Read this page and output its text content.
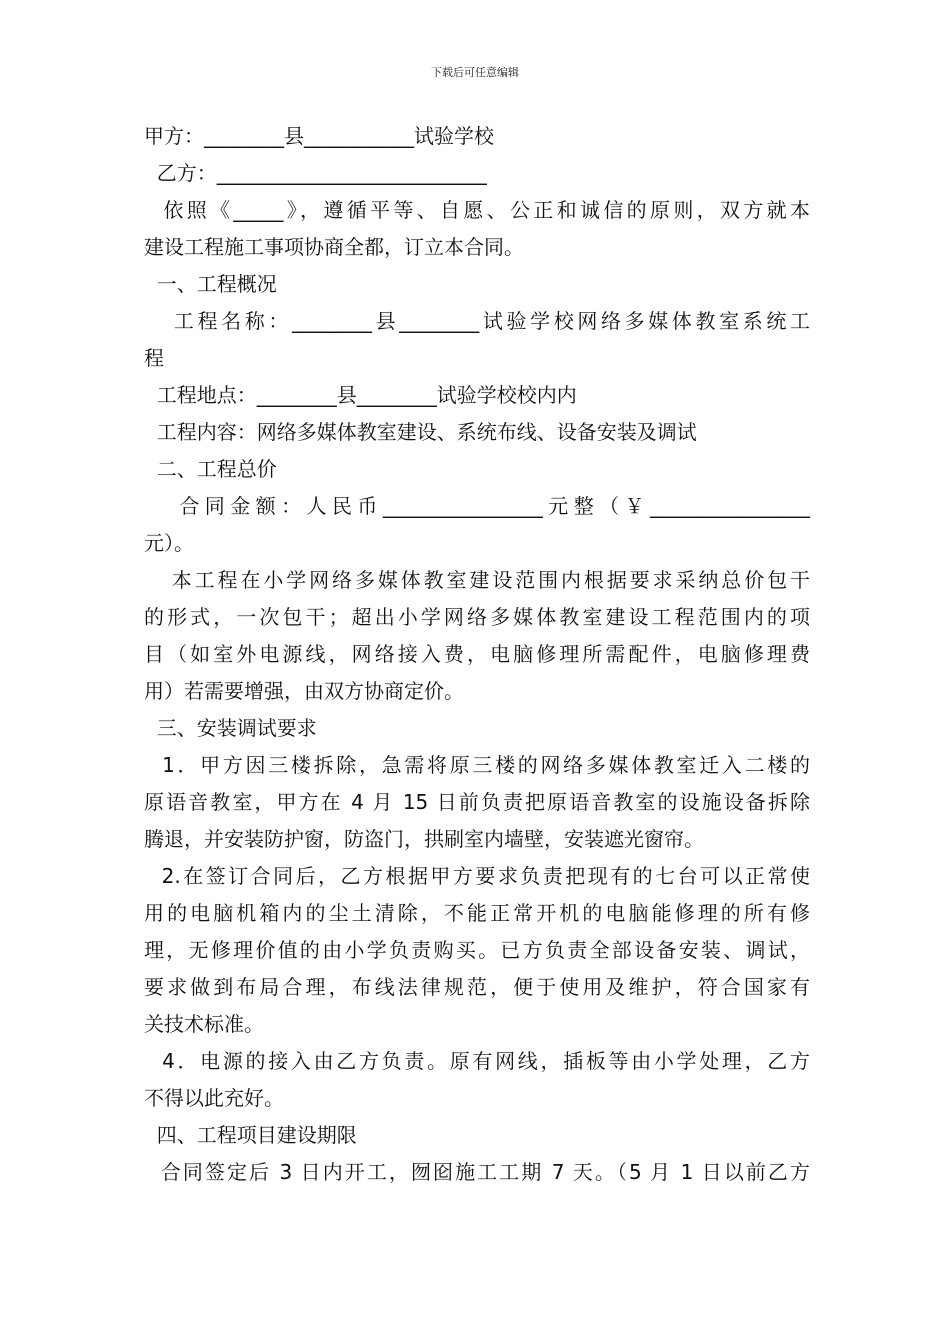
下载后可任意编辑
甲方：________县___________试验学校
乙方：___________________________
依照《_____》，遵循平等、自愿、公正和诚信的原则，双方就本
建设工程施工事项协商全都，订立本合同。
一、工程概况
工程名称：________县________试验学校网络多媒体教室系统工
程
工程地点：________县________试验学校校内内
工程内容：网络多媒体教室建设、系统布线、设备安装及调试
二、工程总价
合同金额：人民币________________元整（￥________________
元）。
本工程在小学网络多媒体教室建设范围内根据要求采纳总价包干
的形式，一次包干；超出小学网络多媒体教室建设工程范围内的项
目（如室外电源线，网络接入费，电脑修理所需配件，电脑修理费
用）若需要增强，由双方协商定价。
三、安装调试要求
1．甲方因三楼拆除，急需将原三楼的网络多媒体教室迁入二楼的
原语音教室，甲方在 4 月 15 日前负责把原语音教室的设施设备拆除
腾退，并安装防护窗，防盗门，拱刷室内墙壁，安装遮光窗帘。
2.在签订合同后，乙方根据甲方要求负责把现有的七台可以正常使
用的电脑机箱内的尘土清除，不能正常开机的电脑能修理的所有修
理，无修理价值的由小学负责购买。已方负责全部设备安装、调试，
要求做到布局合理，布线法律规范，便于使用及维护，符合国家有
关技术标准。
4．电源的接入由乙方负责。原有网线，插板等由小学处理，乙方
不得以此充好。
四、工程项目建设期限
合同签定后 3 日内开工，囫囵施工工期 7 天。（5 月 1 日以前乙方
